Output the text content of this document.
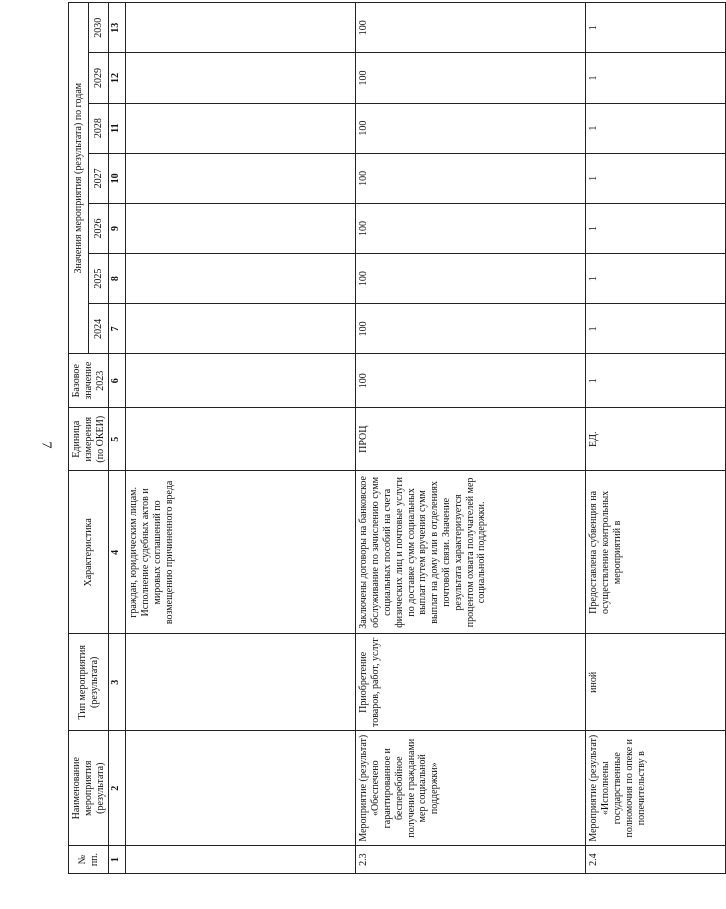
7
№ пп.	Наименование мероприятия (результата)	Тип мероприятия (результата)	Характеристика	Единица измерения (по ОКЕИ)	Базовое значение 2023	Значения мероприятия (результата) по годам						
						2024	2025	2026	2027	2028	2029	2030
1	2	3	4	5	6	7	8	9	10	11	12	13
			граждан, юридическим лицам. Исполнение судебных актов и мировых соглашений по возмещению причиненного вреда									
2.3	Мероприятие (результат) «Обеспечено гарантированное и бесперебойное получение гражданами мер социальной поддержки»	Приобретение товаров, работ, услуг	Заключены договоры на банковское обслуживание по зачислению сумм социальных пособий на счета физических лиц и почтовые услуги по доставке сумм социальных выплат путем вручения сумм выплат на дому или в отделениях почтовой связи. Значение результата характеризуется процентом охвата получателей мер социальной поддержки.	ПРОЦ	100	100	100	100	100	100	100	100
2.4	Мероприятие (результат) «Исполнены государственные полномочия по опеке и попечительству в	иной	Предоставлена субвенция на осуществление контрольных мероприятий в	ЕД.	1	1	1	1	1	1	1	1
